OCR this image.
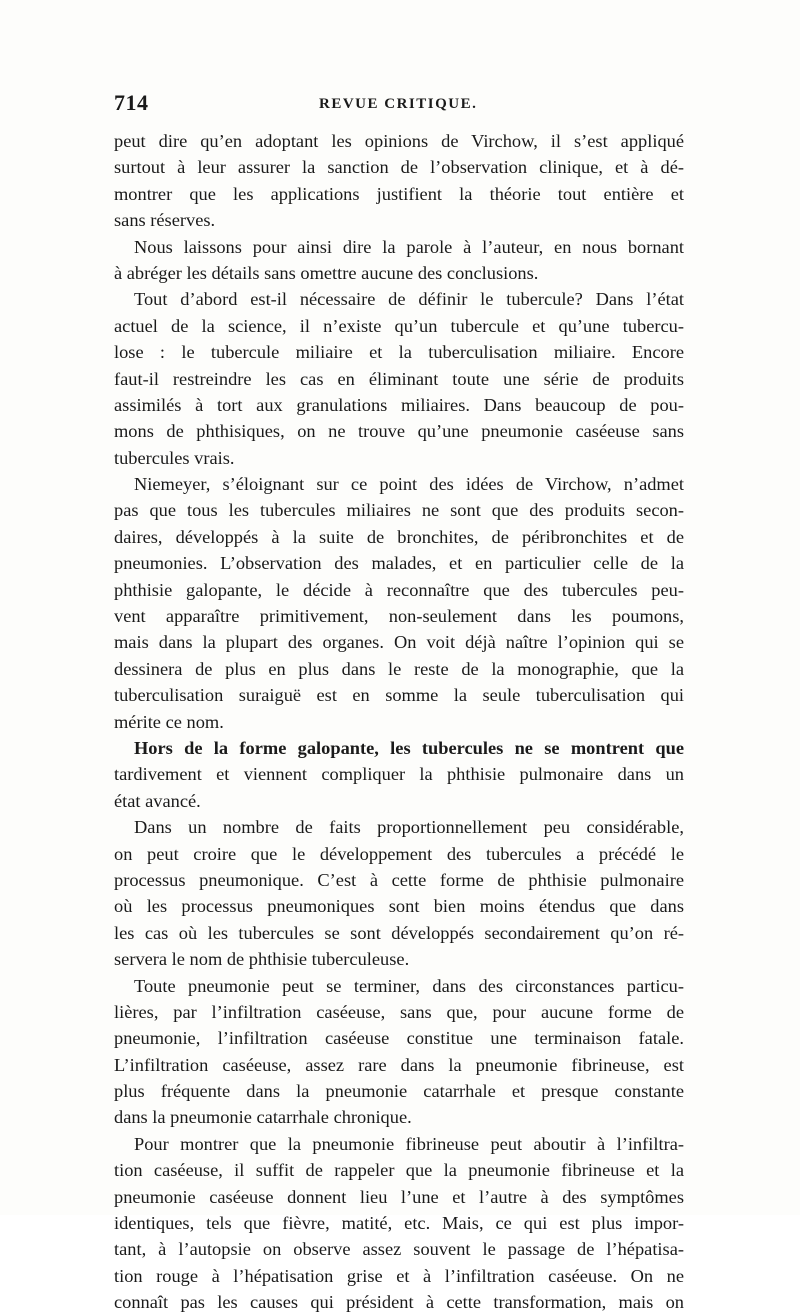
714	REVUE CRITIQUE.
peut dire qu’en adoptant les opinions de Virchow, il s’est appliqué
surtout à leur assurer la sanction de l’observation clinique, et à dé-
montrer que les applications justifient la théorie tout entière et
sans réserves.
Nous laissons pour ainsi dire la parole à l’auteur, en nous bornant
à abréger les détails sans omettre aucune des conclusions.
Tout d’abord est-il nécessaire de définir le tubercule? Dans l’état
actuel de la science, il n’existe qu’un tubercule et qu’une tubercu-
lose : le tubercule miliaire et la tuberculisation miliaire. Encore
faut-il restreindre les cas en éliminant toute une série de produits
assimilés à tort aux granulations miliaires. Dans beaucoup de pou-
mons de phthisiques, on ne trouve qu’une pneumonie caséeuse sans
tubercules vrais.
Niemeyer, s’éloignant sur ce point des idées de Virchow, n’admet
pas que tous les tubercules miliaires ne sont que des produits secon-
daires, développés à la suite de bronchites, de péribronchites et de
pneumonies. L’observation des malades, et en particulier celle de la
phthisie galopante, le décide à reconnaître que des tubercules peu-
vent apparaître primitivement, non-seulement dans les poumons,
mais dans la plupart des organes. On voit déjà naître l’opinion qui se
dessinera de plus en plus dans le reste de la monographie, que la
tuberculisation suraiguë est en somme la seule tuberculisation qui
mérite ce nom.
Hors de la forme galopante, les tubercules ne se montrent que
tardivement et viennent compliquer la phthisie pulmonaire dans un
état avancé.
Dans un nombre de faits proportionnellement peu considérable,
on peut croire que le développement des tubercules a précédé le
processus pneumonique. C’est à cette forme de phthisie pulmonaire
où les processus pneumoniques sont bien moins étendus que dans
les cas où les tubercules se sont développés secondairement qu’on ré-
servera le nom de phthisie tuberculeuse.
Toute pneumonie peut se terminer, dans des circonstances particu-
lières, par l’infiltration caséeuse, sans que, pour aucune forme de
pneumonie, l’infiltration caséeuse constitue une terminaison fatale.
L’infiltration caséeuse, assez rare dans la pneumonie fibrineuse, est
plus fréquente dans la pneumonie catarrhale et presque constante
dans la pneumonie catarrhale chronique.
Pour montrer que la pneumonie fibrineuse peut aboutir à l’infiltra-
tion caséeuse, il suffit de rappeler que la pneumonie fibrineuse et la
pneumonie caséeuse donnent lieu l’une et l’autre à des symptômes
identiques, tels que fièvre, matité, etc. Mais, ce qui est plus impor-
tant, à l’autopsie on observe assez souvent le passage de l’hépatisa-
tion rouge à l’hépatisation grise et à l’infiltration caséeuse. On ne
connaît pas les causes qui président à cette transformation, mais on
